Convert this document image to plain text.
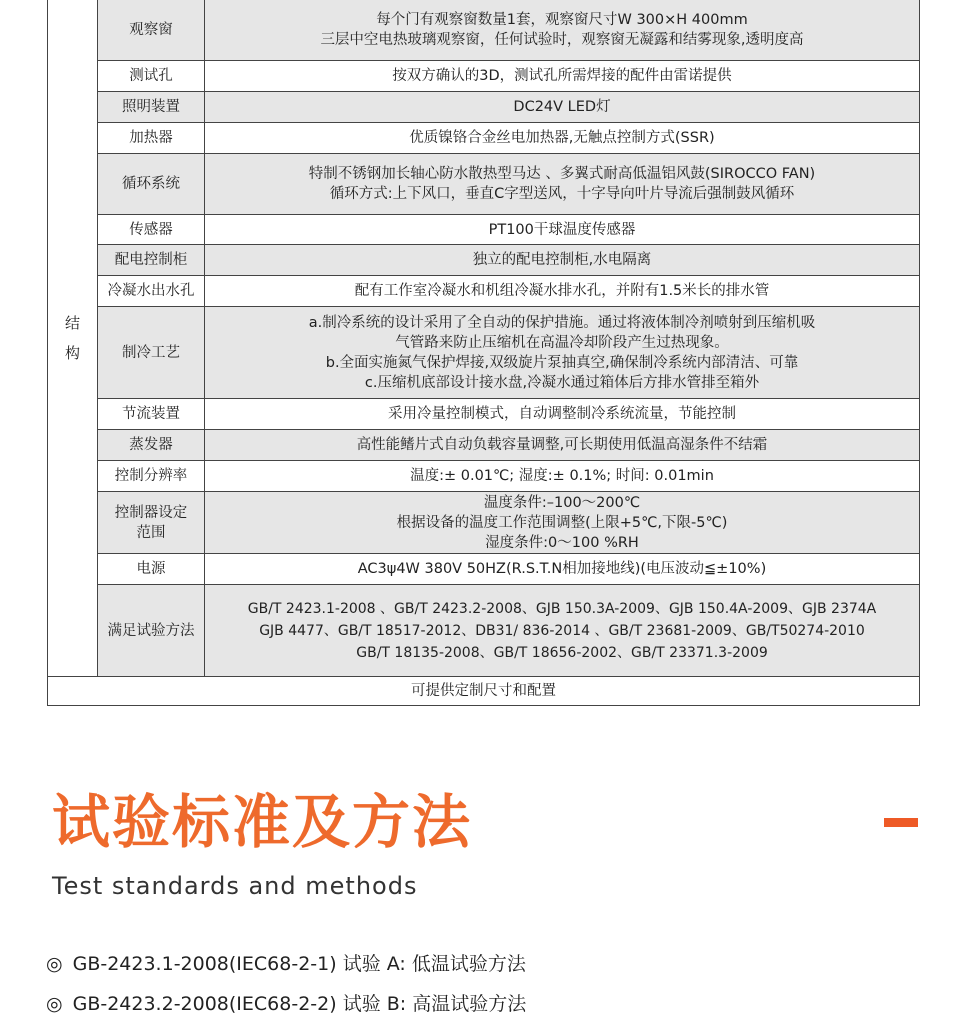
结
构	观察窗	每个门有观察窗数量1套，观察窗尺寸W 300×H 400mm
三层中空电热玻璃观察窗，任何试验时，观察窗无凝露和结雾现象,透明度高

	测试孔	按双方确认的3D，测试孔所需焊接的配件由雷诺提供

	照明装置	DC24V LED灯

	加热器	优质镍铬合金丝电加热器,无触点控制方式(SSR)

	循环系统	特制不锈钢加长轴心防水散热型马达 、多翼式耐高低温铝风鼓(SIROCCO FAN)
循环方式:上下风口，垂直C字型送风，十字导向叶片导流后强制鼓风循环

	传感器	PT100干球温度传感器

	配电控制柜	独立的配电控制柜,水电隔离

	冷凝水出水孔	配有工作室冷凝水和机组冷凝水排水孔，并附有1.5米长的排水管

	制冷工艺	a.制冷系统的设计采用了全自动的保护措施。通过将液体制冷剂喷射到压缩机吸
气管路来防止压缩机在高温冷却阶段产生过热现象。
b.全面实施氮气保护焊接,双级旋片泵抽真空,确保制冷系统内部清洁、可靠
c.压缩机底部设计接水盘,冷凝水通过箱体后方排水管排至箱外

	节流装置	采用冷量控制模式，自动调整制冷系统流量，节能控制

	蒸发器	高性能鳍片式自动负载容量调整,可长期使用低温高湿条件不结霜

	控制分辨率	温度:± 0.01℃; 湿度:± 0.1%; 时间: 0.01min

	控制器设定
范围	温度条件:–100～200℃
根据设备的温度工作范围调整(上限+5℃,下限-5℃)
湿度条件:0～100 %RH

	电源	AC3ψ4W 380V 50HZ(R.S.T.N相加接地线)(电压波动≦±10%)

	满足试验方法	GB/T 2423.1-2008 、GB/T 2423.2-2008、GJB 150.3A-2009、GJB 150.4A-2009、GJB 2374A
GJB 4477、GB/T 18517-2012、DB31/ 836-2014 、GB/T 23681-2009、GB/T50274-2010
GB/T 18135-2008、GB/T 18656-2002、GB/T 23371.3-2009

可提供定制尺寸和配置		
试验标准及方法
Test standards and methods
◎ GB-2423.1-2008(IEC68-2-1) 试验 A: 低温试验方法
◎ GB-2423.2-2008(IEC68-2-2) 试验 B: 高温试验方法
